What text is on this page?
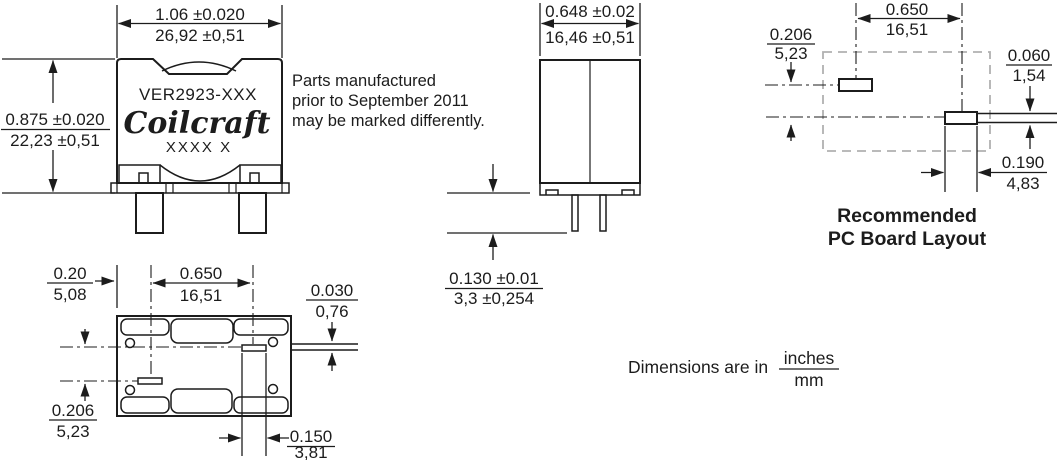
1.06 ±0.020
26,92 ±0,51
0.875 ±0.020
22,23 ±0,51
VER2923-XXX
Coilcraft
XXXX X
Parts manufactured
prior to September 2011
may be marked differently.
0.648 ±0.02
16,46 ±0,51
0.130 ±0.01
3,3 ±0,254
0.650
16,51
0.206
5,23	0.060
1,54
0.190
4,83
Recommended
PC Board Layout
0.20
5,08
0.650
16,51	0.030
0,76
0.206
5,23	0.150
3,81
Dimensions are in inches
mm
